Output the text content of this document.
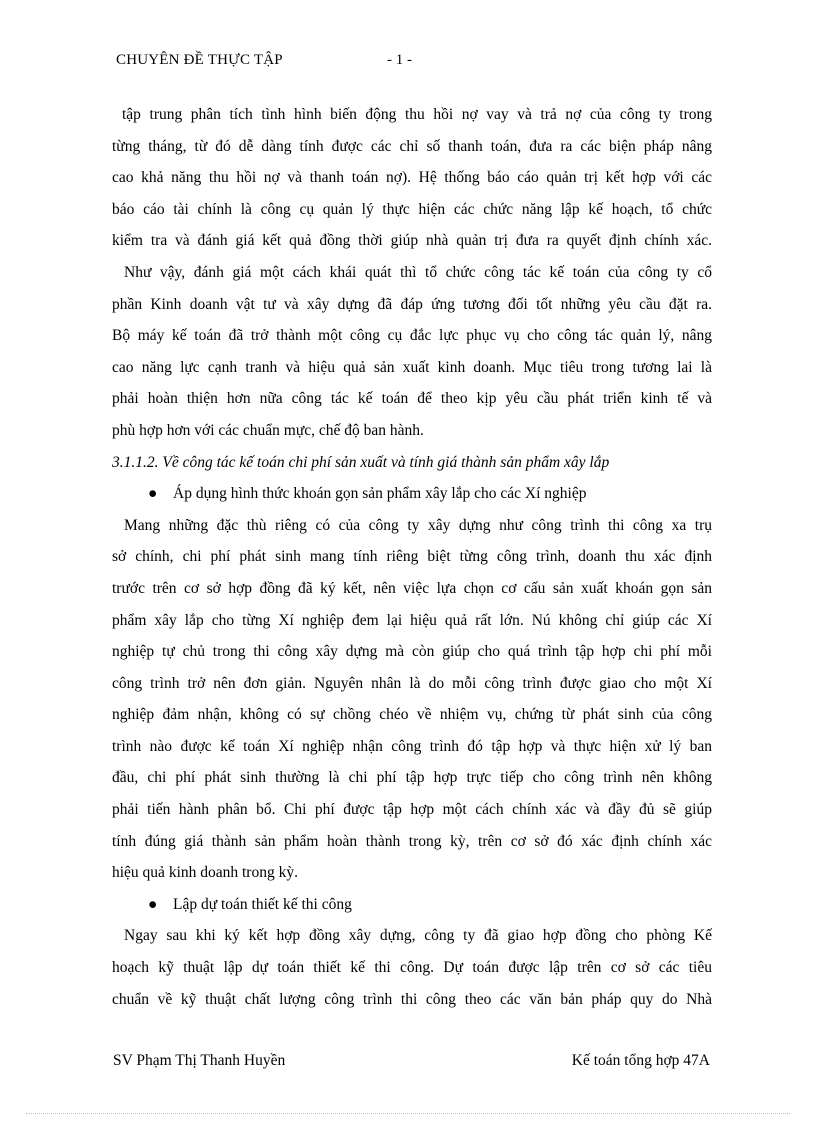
CHUYÊN ĐỀ THỰC TẬP	- 1 -
tập trung phân tích tình hình biến động thu hồi nợ vay và trả nợ của công ty trong
từng tháng, từ đó dễ dàng tính được các chỉ số thanh toán, đưa ra các biện pháp nâng
cao khả năng thu hồi nợ và thanh toán nợ). Hệ thống báo cáo quản trị kết hợp với các
báo cáo tài chính là công cụ quản lý thực hiện các chức năng lập kế hoạch, tổ chức
kiểm tra và đánh giá kết quả đồng thời giúp nhà quản trị đưa ra quyết định chính xác.
Như vậy, đánh giá một cách khái quát thì tổ chức công tác kế toán của công ty cổ
phần Kinh doanh vật tư và xây dựng đã đáp ứng tương đối tốt những yêu cầu đặt ra.
Bộ máy kế toán đã trở thành một công cụ đắc lực phục vụ cho công tác quản lý, nâng
cao năng lực cạnh tranh và hiệu quả sản xuất kinh doanh. Mục tiêu trong tương lai là
phải hoàn thiện hơn nữa công tác kế toán để theo kịp yêu cầu phát triển kinh tế và
phù hợp hơn với các chuẩn mực, chế độ ban hành.
3.1.1.2. Về công tác kế toán chi phí sản xuất và tính giá thành sản phẩm xây lắp
● Áp dụng hình thức khoán gọn sản phẩm xây lắp cho các Xí nghiệp
Mang những đặc thù riêng có của công ty xây dựng như công trình thi công xa trụ
sở chính, chi phí phát sinh mang tính riêng biệt từng công trình, doanh thu xác định
trước trên cơ sở hợp đồng đã ký kết, nên việc lựa chọn cơ cấu sản xuất khoán gọn sản
phẩm xây lắp cho từng Xí nghiệp đem lại hiệu quả rất lớn. Nú không chỉ giúp các Xí
nghiệp tự chủ trong thi công xây dựng mà còn giúp cho quá trình tập hợp chi phí mỗi
công trình trở nên đơn giản. Nguyên nhân là do mỗi công trình được giao cho một Xí
nghiệp đảm nhận, không có sự chồng chéo về nhiệm vụ, chứng từ phát sinh của công
trình nào được kế toán Xí nghiệp nhận công trình đó tập hợp và thực hiện xử lý ban
đầu, chi phí phát sinh thường là chi phí tập hợp trực tiếp cho công trình nên không
phải tiến hành phân bổ. Chi phí được tập hợp một cách chính xác và đầy đủ sẽ giúp
tính đúng giá thành sản phẩm hoàn thành trong kỳ, trên cơ sở đó xác định chính xác
hiệu quả kinh doanh trong kỳ.
● Lập dự toán thiết kế thi công
Ngay sau khi ký kết hợp đồng xây dựng, công ty đã giao hợp đồng cho phòng Kế
hoạch kỹ thuật lập dự toán thiết kế thi công. Dự toán được lập trên cơ sở các tiêu
chuẩn về kỹ thuật chất lượng công trình thi công theo các văn bản pháp quy do Nhà
SV Phạm Thị Thanh Huyền	Kế toán tổng hợp 47A
